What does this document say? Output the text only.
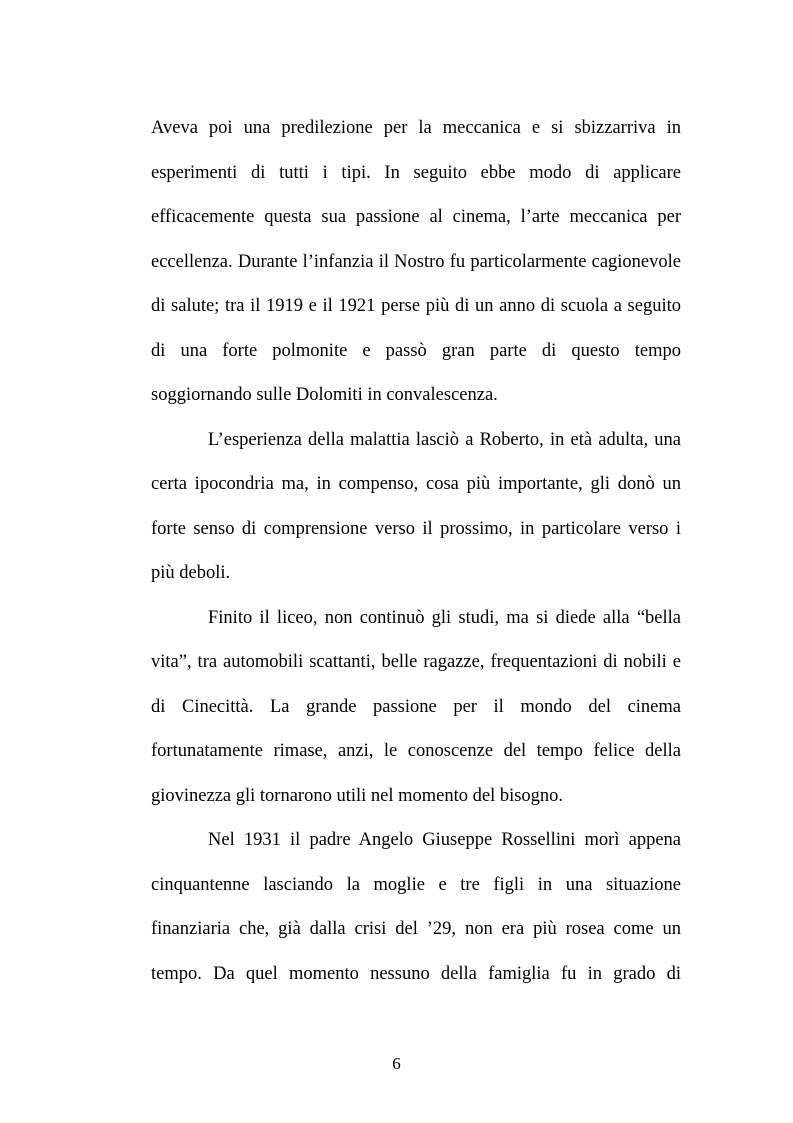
Aveva poi una predilezione per la meccanica e si sbizzarriva in esperimenti di tutti i tipi. In seguito ebbe modo di applicare efficacemente questa sua passione al cinema, l’arte meccanica per eccellenza. Durante l’infanzia il Nostro fu particolarmente cagionevole di salute; tra il 1919 e il 1921 perse più di un anno di scuola a seguito di una forte polmonite e passò gran parte di questo tempo soggiornando sulle Dolomiti in convalescenza.

L’esperienza della malattia lasciò a Roberto, in età adulta, una certa ipocondria ma, in compenso, cosa più importante, gli donò un forte senso di comprensione verso il prossimo, in particolare verso i più deboli.

Finito il liceo, non continuò gli studi, ma si diede alla “bella vita”, tra automobili scattanti, belle ragazze, frequentazioni di nobili e di Cinecittà. La grande passione per il mondo del cinema fortunatamente rimase, anzi, le conoscenze del tempo felice della giovinezza gli tornarono utili nel momento del bisogno.

Nel 1931 il padre Angelo Giuseppe Rossellini morì appena cinquantenne lasciando la moglie e tre figli in una situazione finanziaria che, già dalla crisi del ’29, non era più rosea come un tempo. Da quel momento nessuno della famiglia fu in grado di

6
